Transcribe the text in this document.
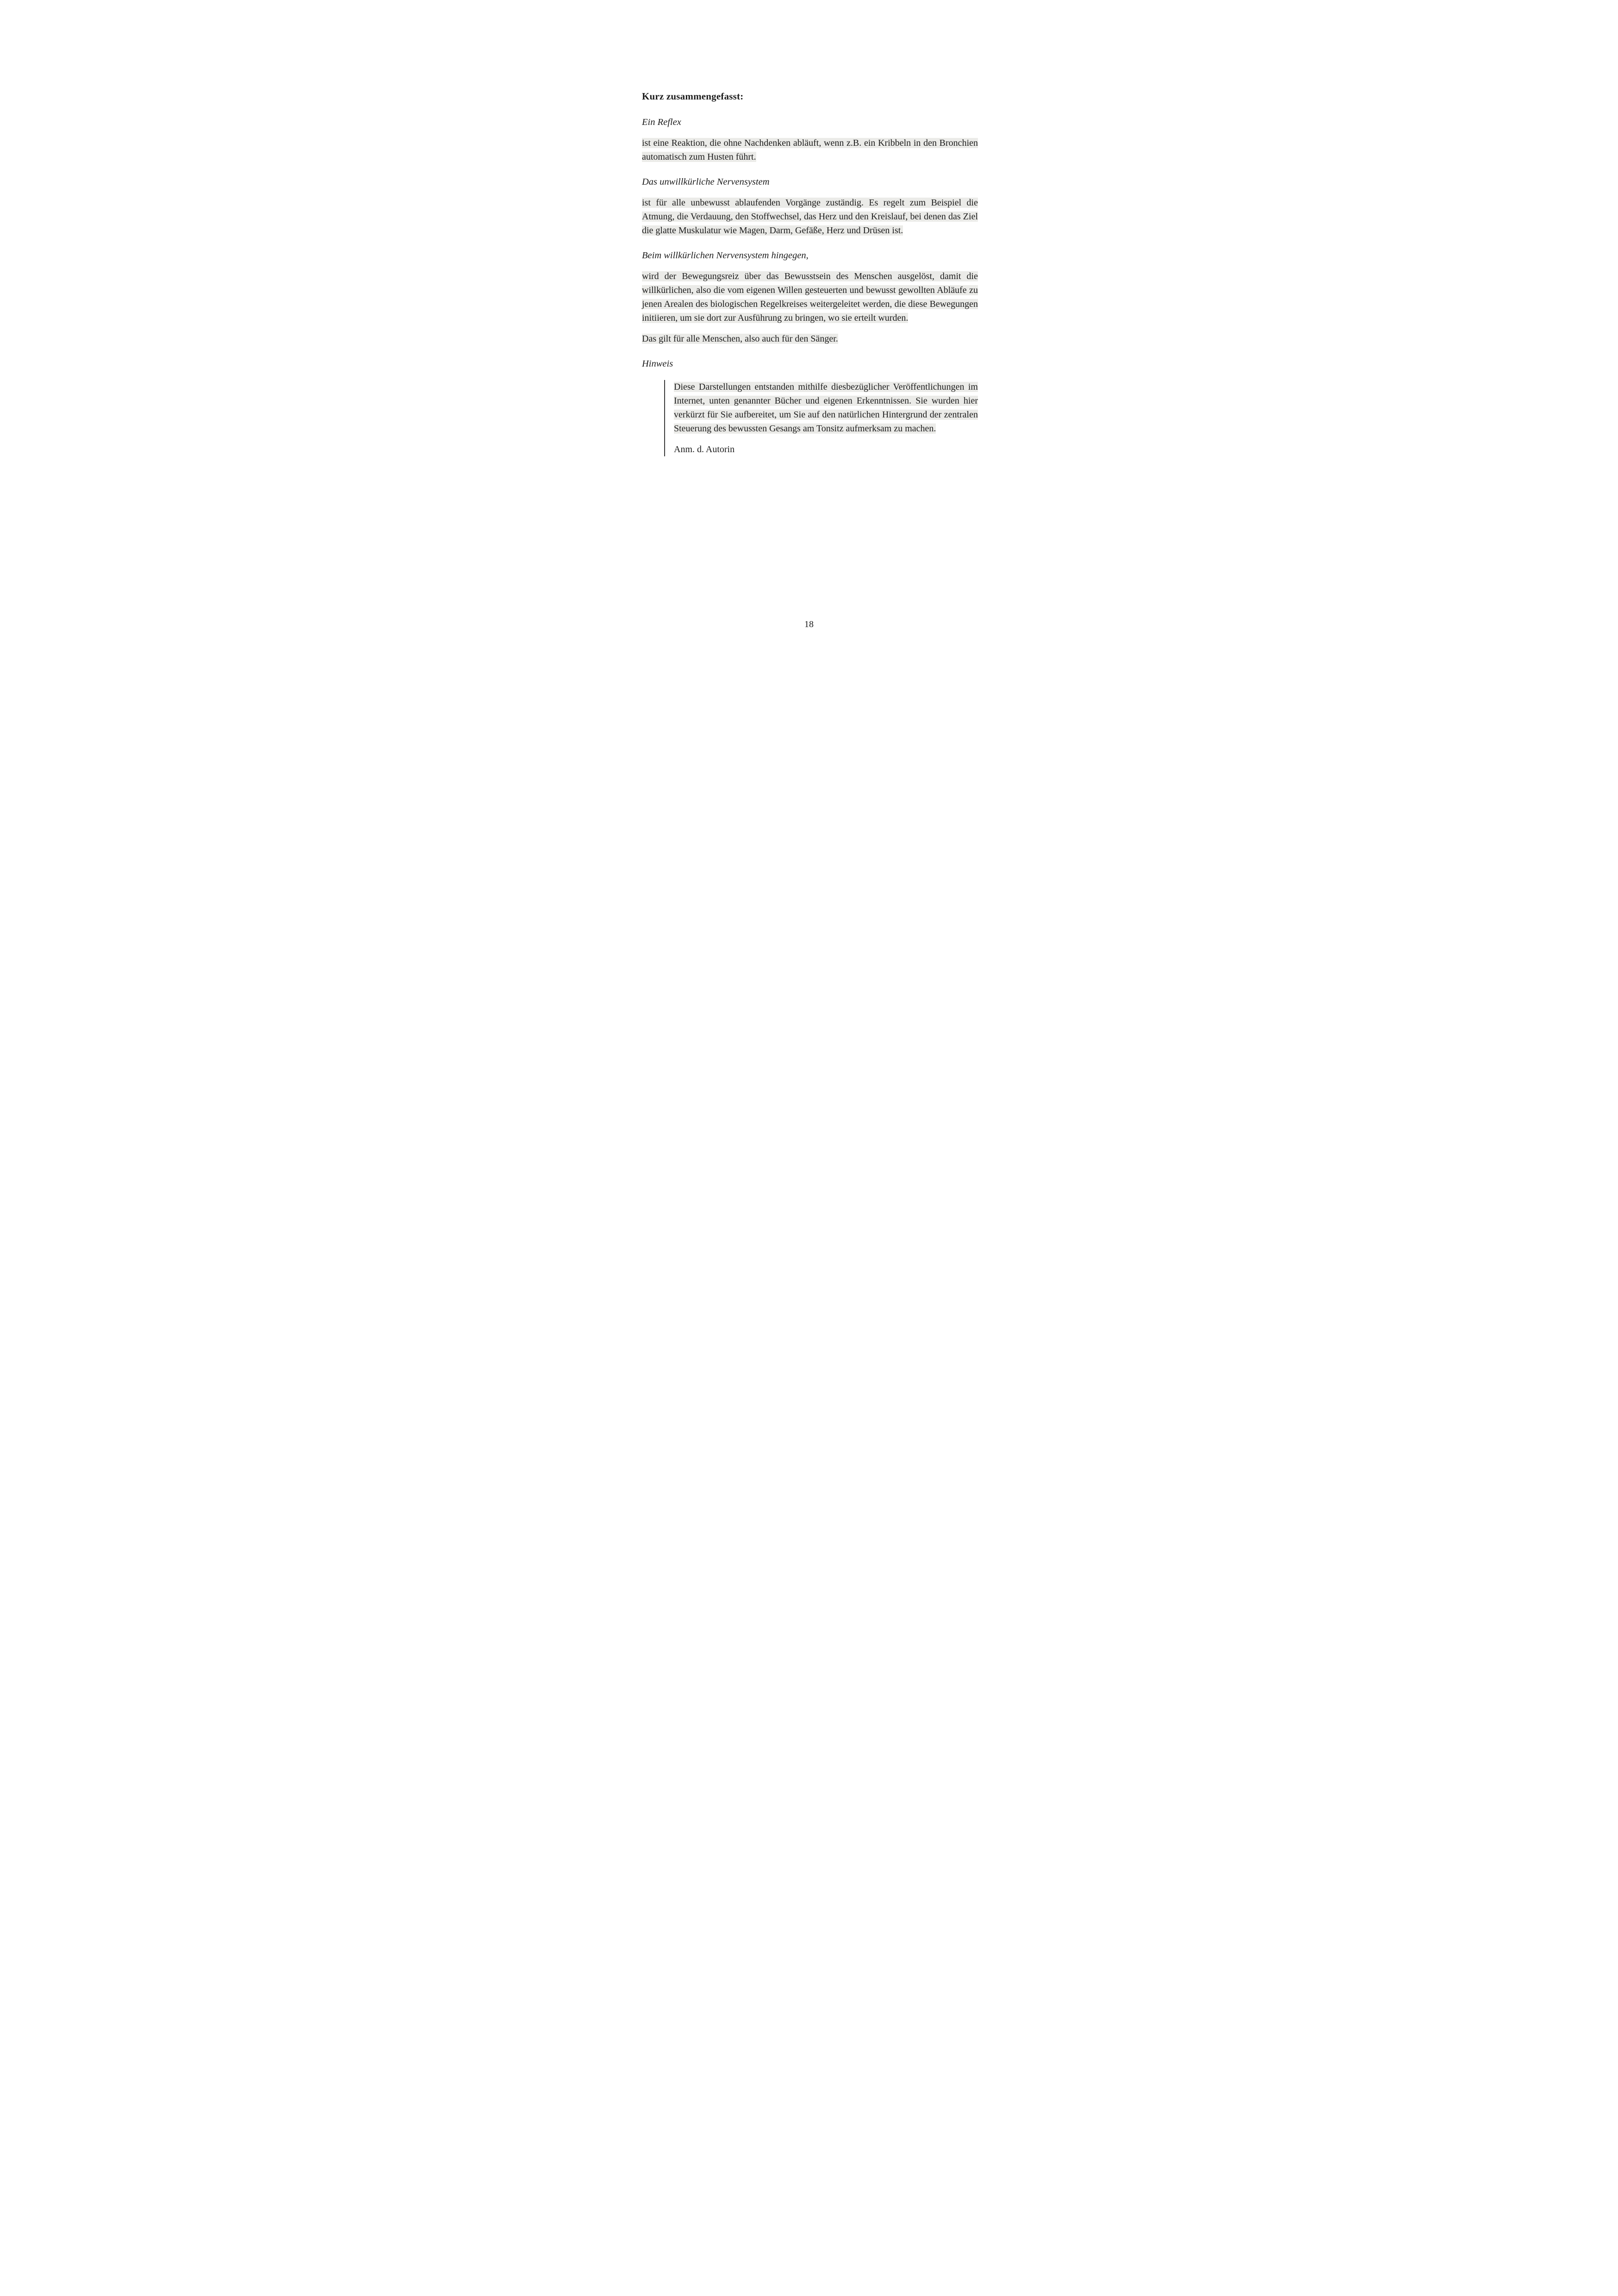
Kurz zusammengefasst:

Ein Reflex

ist eine Reaktion, die ohne Nachdenken abläuft, wenn z.B. ein Kribbeln in den Bronchien automatisch zum Husten führt.

Das unwillkürliche Nervensystem

ist für alle unbewusst ablaufenden Vorgänge zuständig. Es regelt zum Beispiel die Atmung, die Verdauung, den Stoffwechsel, das Herz und den Kreislauf, bei denen das Ziel die glatte Muskulatur wie Magen, Darm, Gefäße, Herz und Drüsen ist.

Beim willkürlichen Nervensystem hingegen,

wird der Bewegungsreiz über das Bewusstsein des Menschen ausgelöst, damit die willkürlichen, also die vom eigenen Willen gesteuerten und bewusst gewollten Abläufe zu jenen Arealen des biologischen Regelkreises weitergeleitet werden, die diese Bewegungen initiieren, um sie dort zur Ausführung zu bringen, wo sie erteilt wurden.

Das gilt für alle Menschen, also auch für den Sänger.

Hinweis

Diese Darstellungen entstanden mithilfe diesbezüglicher Veröffentlichungen im Internet, unten genannter Bücher und eigenen Erkenntnissen. Sie wurden hier verkürzt für Sie aufbereitet, um Sie auf den natürlichen Hintergrund der zentralen Steuerung des bewussten Gesangs am Tonsitz aufmerksam zu machen.

Anm. d. Autorin

18
